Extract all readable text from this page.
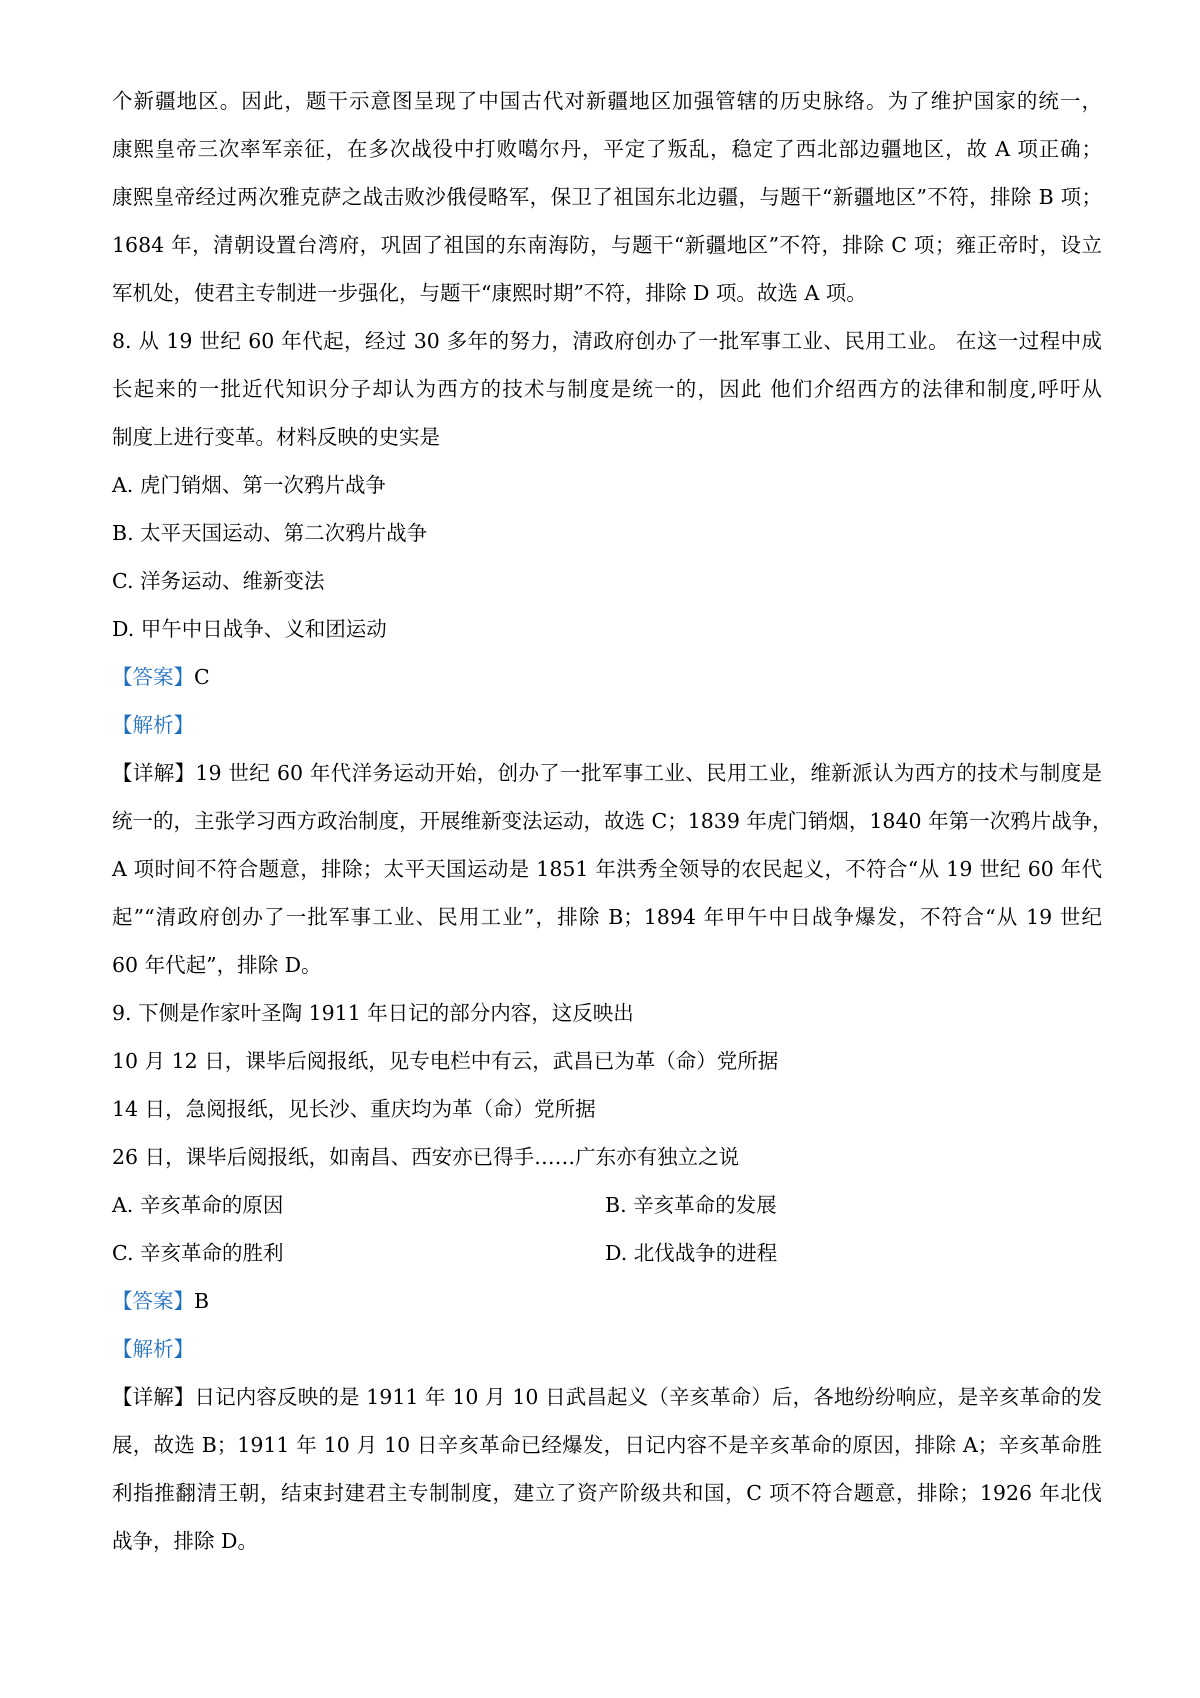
个新疆地区。因此，题干示意图呈现了中国古代对新疆地区加强管辖的历史脉络。为了维护国家的统一，
康熙皇帝三次率军亲征，在多次战役中打败噶尔丹，平定了叛乱，稳定了西北部边疆地区，故 A 项正确；
康熙皇帝经过两次雅克萨之战击败沙俄侵略军，保卫了祖国东北边疆，与题干“新疆地区”不符，排除 B 项；
1684 年，清朝设置台湾府，巩固了祖国的东南海防，与题干“新疆地区”不符，排除 C 项；雍正帝时，设立
军机处，使君主专制进一步强化，与题干“康熙时期”不符，排除 D 项。故选 A 项。
8. 从 19 世纪 60 年代起，经过 30 多年的努力，清政府创办了一批军事工业、民用工业。 在这一过程中成
长起来的一批近代知识分子却认为西方的技术与制度是统一的，因此 他们介绍西方的法律和制度,呼吁从
制度上进行变革。材料反映的史实是
A. 虎门销烟、第一次鸦片战争
B. 太平天国运动、第二次鸦片战争
C. 洋务运动、维新变法
D. 甲午中日战争、义和团运动
【答案】C
【解析】
【详解】19 世纪 60 年代洋务运动开始，创办了一批军事工业、民用工业，维新派认为西方的技术与制度是
统一的，主张学习西方政治制度，开展维新变法运动，故选 C；1839 年虎门销烟，1840 年第一次鸦片战争，
A 项时间不符合题意，排除；太平天国运动是 1851 年洪秀全领导的农民起义，不符合“从 19 世纪 60 年代
起”“清政府创办了一批军事工业、民用工业”，排除 B；1894 年甲午中日战争爆发，不符合“从 19 世纪
60 年代起”，排除 D。
9. 下侧是作家叶圣陶 1911 年日记的部分内容，这反映出
10 月 12 日，课毕后阅报纸，见专电栏中有云，武昌已为革（命）党所据
14 日，急阅报纸，见长沙、重庆均为革（命）党所据
26 日，课毕后阅报纸，如南昌、西安亦已得手……广东亦有独立之说
A. 辛亥革命的原因	B. 辛亥革命的发展
C. 辛亥革命的胜利	D. 北伐战争的进程
【答案】B
【解析】
【详解】日记内容反映的是 1911 年 10 月 10 日武昌起义（辛亥革命）后，各地纷纷响应，是辛亥革命的发
展，故选 B；1911 年 10 月 10 日辛亥革命已经爆发，日记内容不是辛亥革命的原因，排除 A；辛亥革命胜
利指推翻清王朝，结束封建君主专制制度，建立了资产阶级共和国，C 项不符合题意，排除；1926 年北伐
战争，排除 D。
